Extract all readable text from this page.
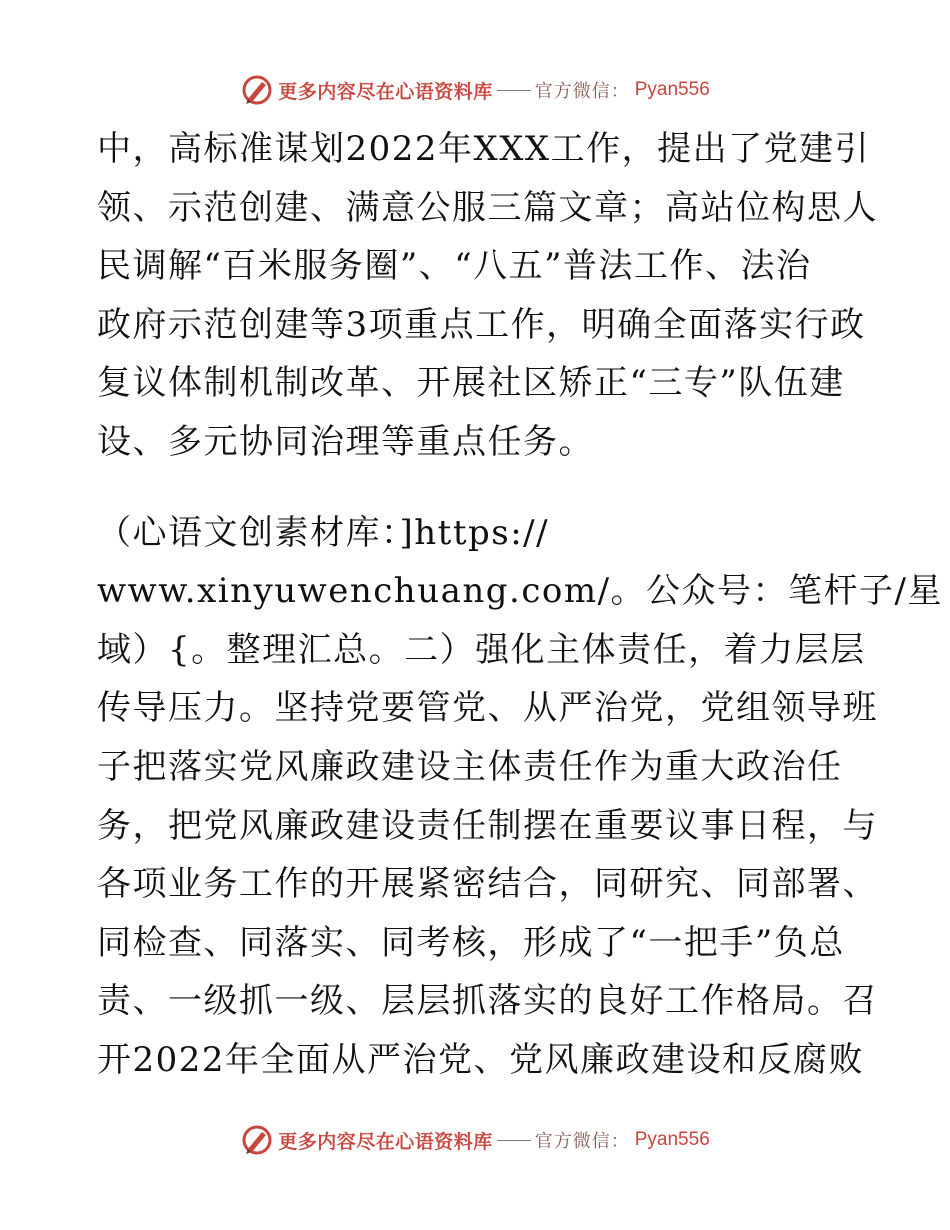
更多内容尽在心语资料库 官方微信 ： Pyan556
中，高标准谋划2022年XXX工作，提出了党建引
领、示范创建、满意公服三篇文章；高站位构思人
民调解“百米服务圈”、“八五”普法工作、法治
政府示范创建等3项重点工作，明确全面落实行政
复议体制机制改革、开展社区矫正“三专”队伍建
设、多元协同治理等重点任务。
（心语文创素材库：]https://
www.xinyuwenchuang.com/。公众号：笔杆子/星
域）{。整理汇总。二）强化主体责任，着力层层
传导压力。坚持党要管党、从严治党，党组领导班
子把落实党风廉政建设主体责任作为重大政治任
务，把党风廉政建设责任制摆在重要议事日程，与
各项业务工作的开展紧密结合，同研究、同部署、
同检查、同落实、同考核，形成了“一把手”负总
责、一级抓一级、层层抓落实的良好工作格局。召
开2022年全面从严治党、党风廉政建设和反腐败
更多内容尽在心语资料库 官方微信 ： Pyan556
